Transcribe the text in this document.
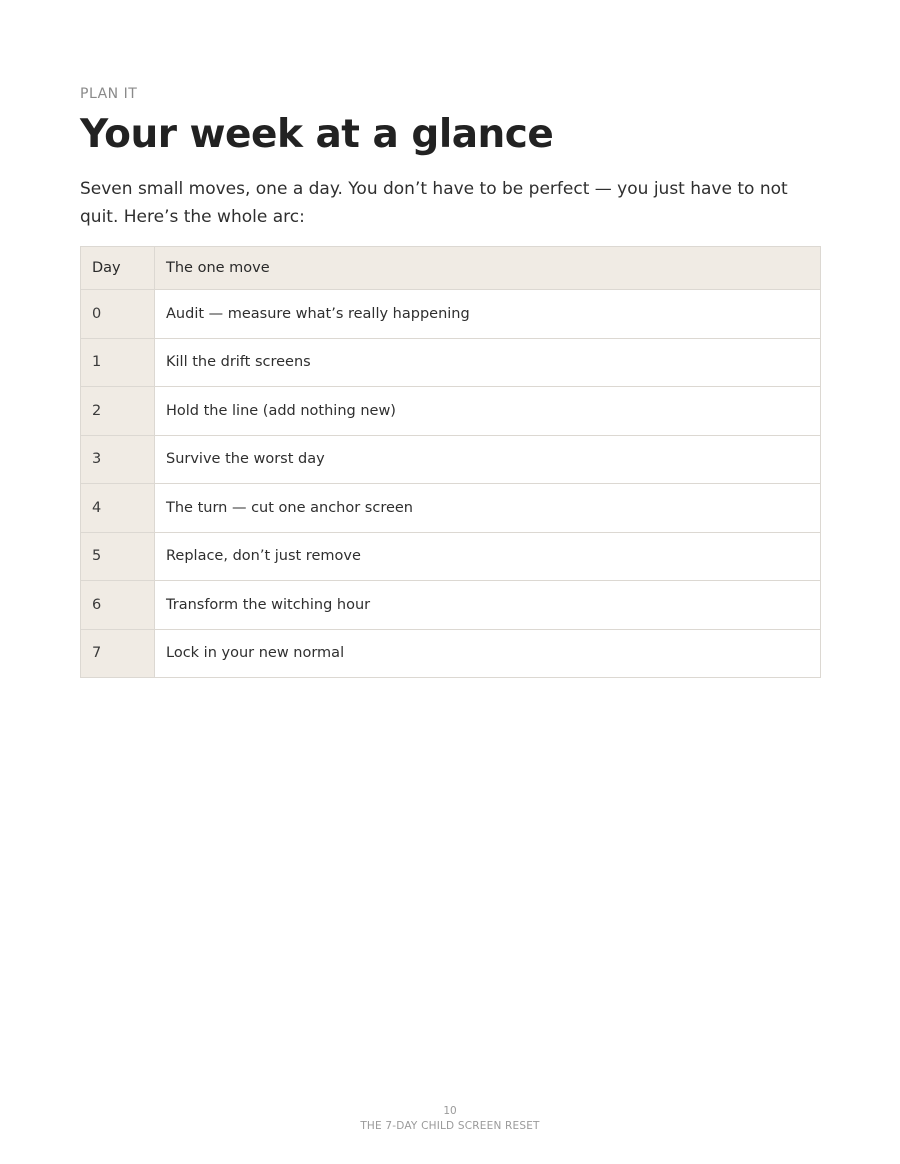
PLAN IT
Your week at a glance

Seven small moves, one a day. You don’t have to be perfect — you just have to not quit. Here’s the whole arc:

Day	The one move
0	Audit — measure what’s really happening
1	Kill the drift screens
2	Hold the line (add nothing new)
3	Survive the worst day
4	The turn — cut one anchor screen
5	Replace, don’t just remove
6	Transform the witching hour
7	Lock in your new normal
10
THE 7-DAY CHILD SCREEN RESET
